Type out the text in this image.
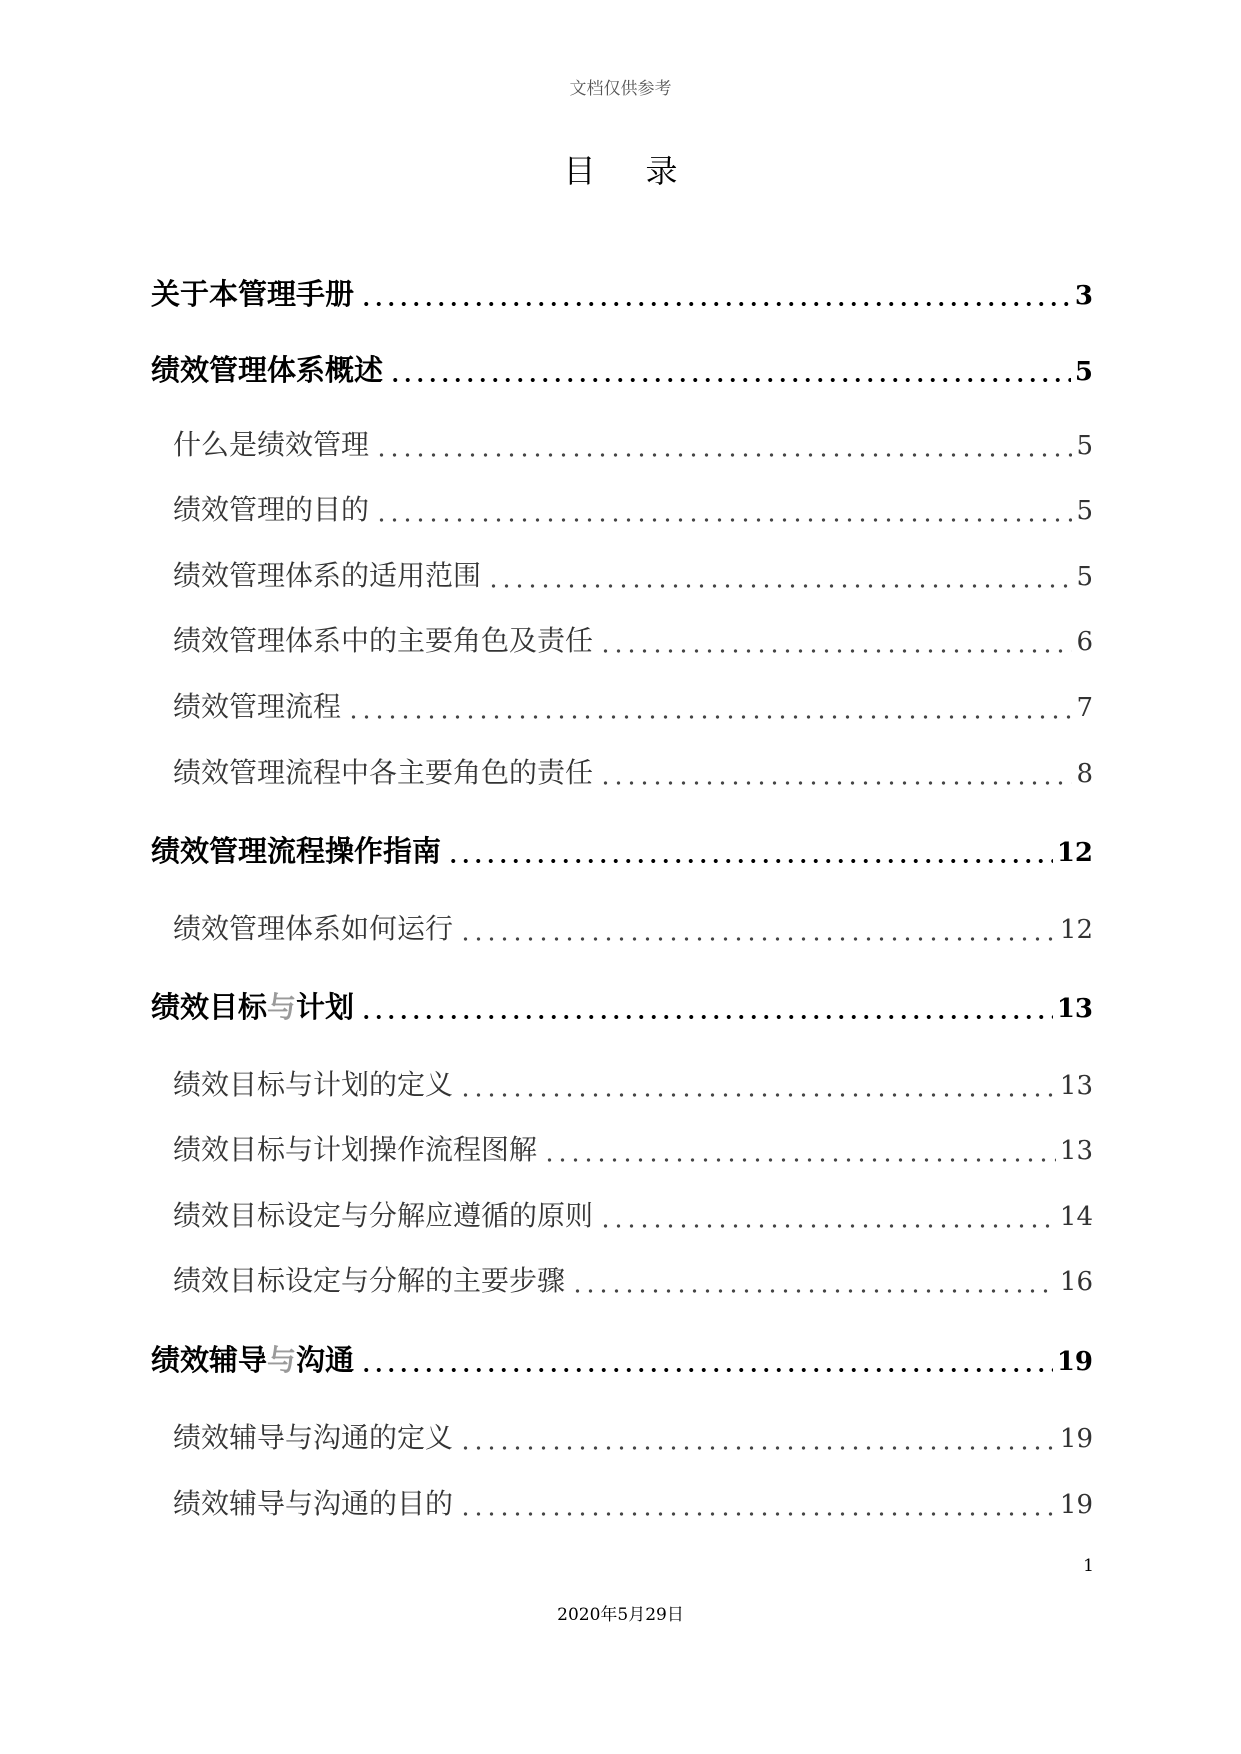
文档仅供参考
目录
关于本管理手册	3
绩效管理体系概述	5
什么是绩效管理	5
绩效管理的目的	5
绩效管理体系的适用范围	5
绩效管理体系中的主要角色及责任	6
绩效管理流程	7
绩效管理流程中各主要角色的责任	8
绩效管理流程操作指南	12
绩效管理体系如何运行	12
绩效目标与计划	13
绩效目标与计划的定义	13
绩效目标与计划操作流程图解	13
绩效目标设定与分解应遵循的原则	14
绩效目标设定与分解的主要步骤	16
绩效辅导与沟通	19
绩效辅导与沟通的定义	19
绩效辅导与沟通的目的	19
1
2020年5月29日
